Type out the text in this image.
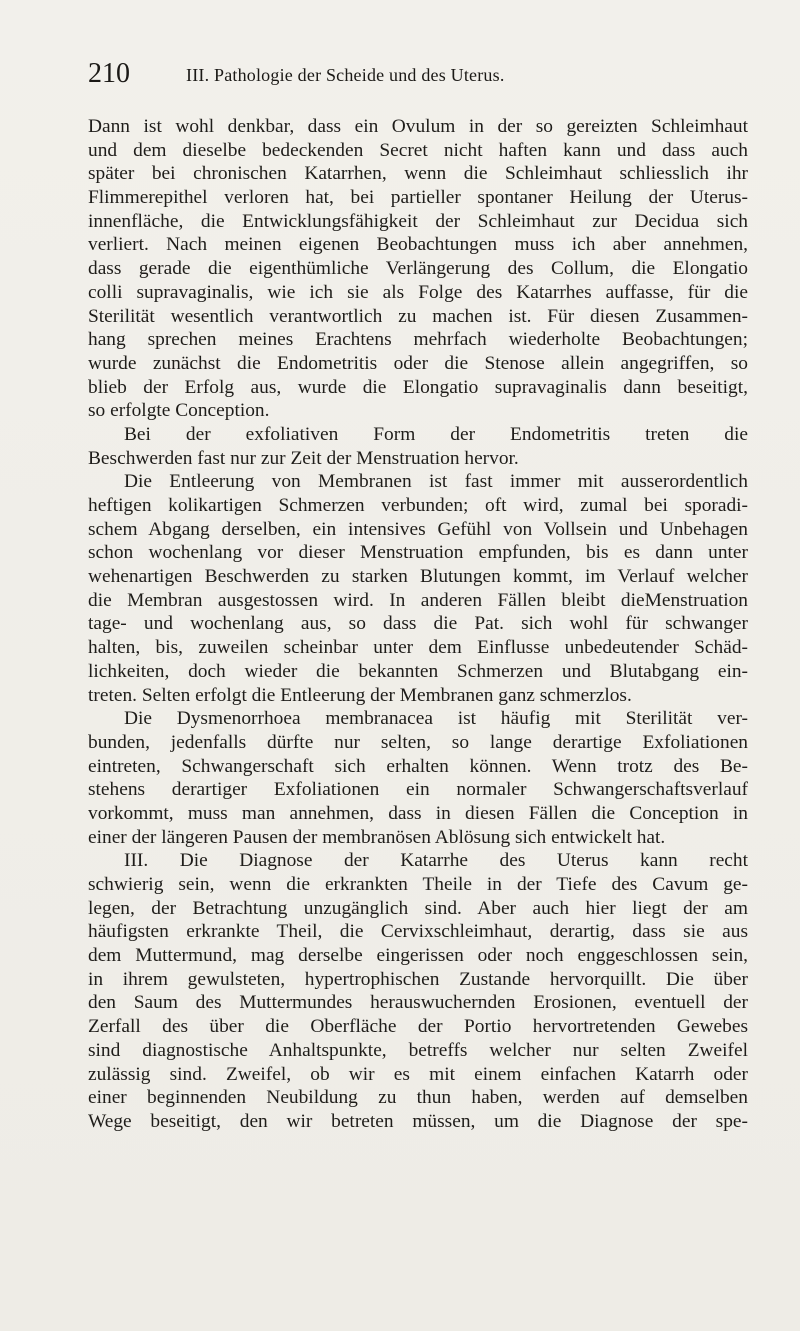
210	III. Pathologie der Scheide und des Uterus.
Dann ist wohl denkbar, dass ein Ovulum in der so gereizten Schleimhaut
und dem dieselbe bedeckenden Secret nicht haften kann und dass auch
später bei chronischen Katarrhen, wenn die Schleimhaut schliesslich ihr
Flimmerepithel verloren hat, bei partieller spontaner Heilung der Uterus-
innenfläche, die Entwicklungsfähigkeit der Schleimhaut zur Decidua sich
verliert. Nach meinen eigenen Beobachtungen muss ich aber annehmen,
dass gerade die eigenthümliche Verlängerung des Collum, die Elongatio
colli supravaginalis, wie ich sie als Folge des Katarrhes auffasse, für die
Sterilität wesentlich verantwortlich zu machen ist. Für diesen Zusammen-
hang sprechen meines Erachtens mehrfach wiederholte Beobachtungen;
wurde zunächst die Endometritis oder die Stenose allein angegriffen, so
blieb der Erfolg aus, wurde die Elongatio supravaginalis dann beseitigt,
so erfolgte Conception.
Bei der exfoliativen Form der Endometritis treten die
Beschwerden fast nur zur Zeit der Menstruation hervor.
Die Entleerung von Membranen ist fast immer mit ausserordentlich
heftigen kolikartigen Schmerzen verbunden; oft wird, zumal bei sporadi-
schem Abgang derselben, ein intensives Gefühl von Vollsein und Unbehagen
schon wochenlang vor dieser Menstruation empfunden, bis es dann unter
wehenartigen Beschwerden zu starken Blutungen kommt, im Verlauf welcher
die Membran ausgestossen wird. In anderen Fällen bleibt dieMenstruation
tage- und wochenlang aus, so dass die Pat. sich wohl für schwanger
halten, bis, zuweilen scheinbar unter dem Einflusse unbedeutender Schäd-
lichkeiten, doch wieder die bekannten Schmerzen und Blutabgang ein-
treten. Selten erfolgt die Entleerung der Membranen ganz schmerzlos.
Die Dysmenorrhoea membranacea ist häufig mit Sterilität ver-
bunden, jedenfalls dürfte nur selten, so lange derartige Exfoliationen
eintreten, Schwangerschaft sich erhalten können. Wenn trotz des Be-
stehens derartiger Exfoliationen ein normaler Schwangerschaftsverlauf
vorkommt, muss man annehmen, dass in diesen Fällen die Conception in
einer der längeren Pausen der membranösen Ablösung sich entwickelt hat.
III. Die Diagnose der Katarrhe des Uterus kann recht
schwierig sein, wenn die erkrankten Theile in der Tiefe des Cavum ge-
legen, der Betrachtung unzugänglich sind. Aber auch hier liegt der am
häufigsten erkrankte Theil, die Cervixschleimhaut, derartig, dass sie aus
dem Muttermund, mag derselbe eingerissen oder noch enggeschlossen sein,
in ihrem gewulsteten, hypertrophischen Zustande hervorquillt. Die über
den Saum des Muttermundes herauswuchernden Erosionen, eventuell der
Zerfall des über die Oberfläche der Portio hervortretenden Gewebes
sind diagnostische Anhaltspunkte, betreffs welcher nur selten Zweifel
zulässig sind. Zweifel, ob wir es mit einem einfachen Katarrh oder
einer beginnenden Neubildung zu thun haben, werden auf demselben
Wege beseitigt, den wir betreten müssen, um die Diagnose der spe-
